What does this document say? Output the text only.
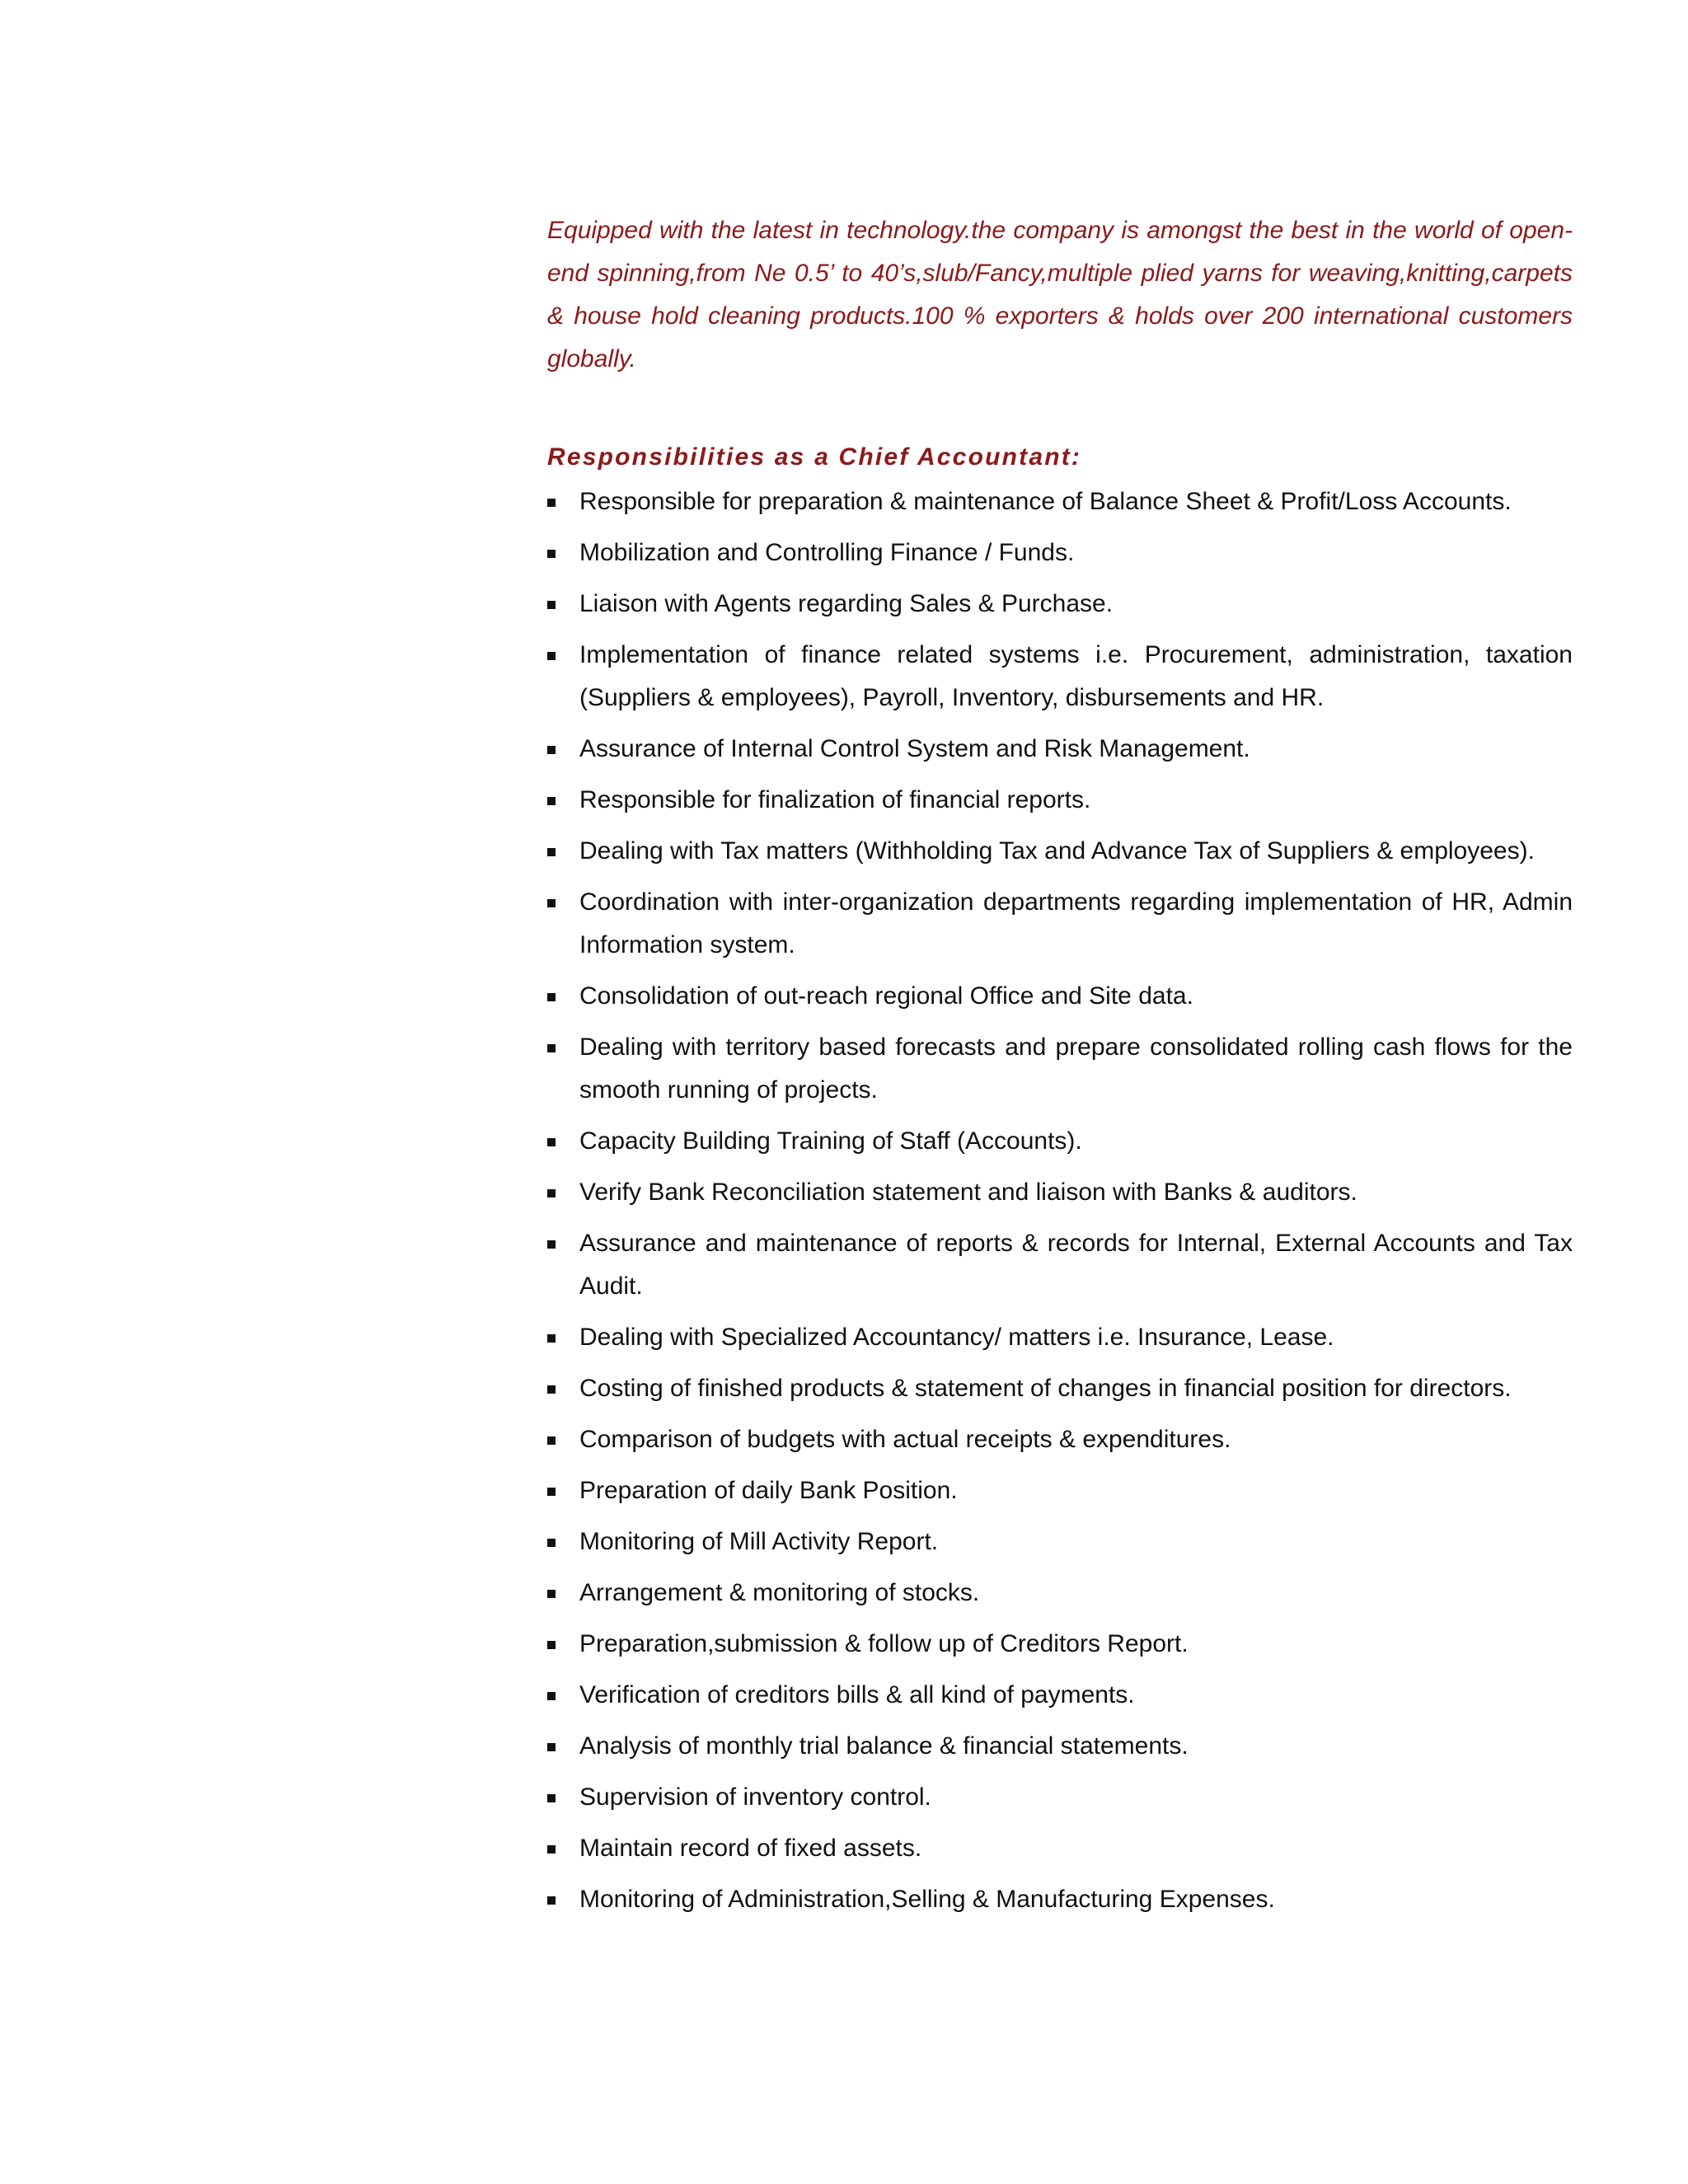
Equipped with the latest in technology.the company is amongst the best in the world of open-end spinning,from Ne 0.5’ to 40’s,slub/Fancy,multiple plied yarns for weaving,knitting,carpets & house hold cleaning products.100 % exporters & holds over 200 international customers globally.

Responsibilities as a Chief Accountant:
Responsible for preparation & maintenance of Balance Sheet & Profit/Loss Accounts.
Mobilization and Controlling Finance / Funds.
Liaison with Agents regarding Sales & Purchase.
Implementation of finance related systems i.e. Procurement, administration, taxation (Suppliers & employees), Payroll, Inventory, disbursements and HR.
Assurance of Internal Control System and Risk Management.
Responsible for finalization of financial reports.
Dealing with Tax matters (Withholding Tax and Advance Tax of Suppliers & employees).
Coordination with inter-organization departments regarding implementation of HR, Admin Information system.
Consolidation of out-reach regional Office and Site data.
Dealing with territory based forecasts and prepare consolidated rolling cash flows for the smooth running of projects.
Capacity Building Training of Staff (Accounts).
Verify Bank Reconciliation statement and liaison with Banks & auditors.
Assurance and maintenance of reports & records for Internal, External Accounts and Tax Audit.
Dealing with Specialized Accountancy/ matters i.e. Insurance, Lease.
Costing of finished products & statement of changes in financial position for directors.
Comparison of budgets with actual receipts & expenditures.
Preparation of daily Bank Position.
Monitoring of Mill Activity Report.
Arrangement & monitoring of stocks.
Preparation,submission & follow up of Creditors Report.
Verification of creditors bills & all kind of payments.
Analysis of monthly trial balance & financial statements.
Supervision of inventory control.
Maintain record of fixed assets.
Monitoring of Administration,Selling & Manufacturing Expenses.
